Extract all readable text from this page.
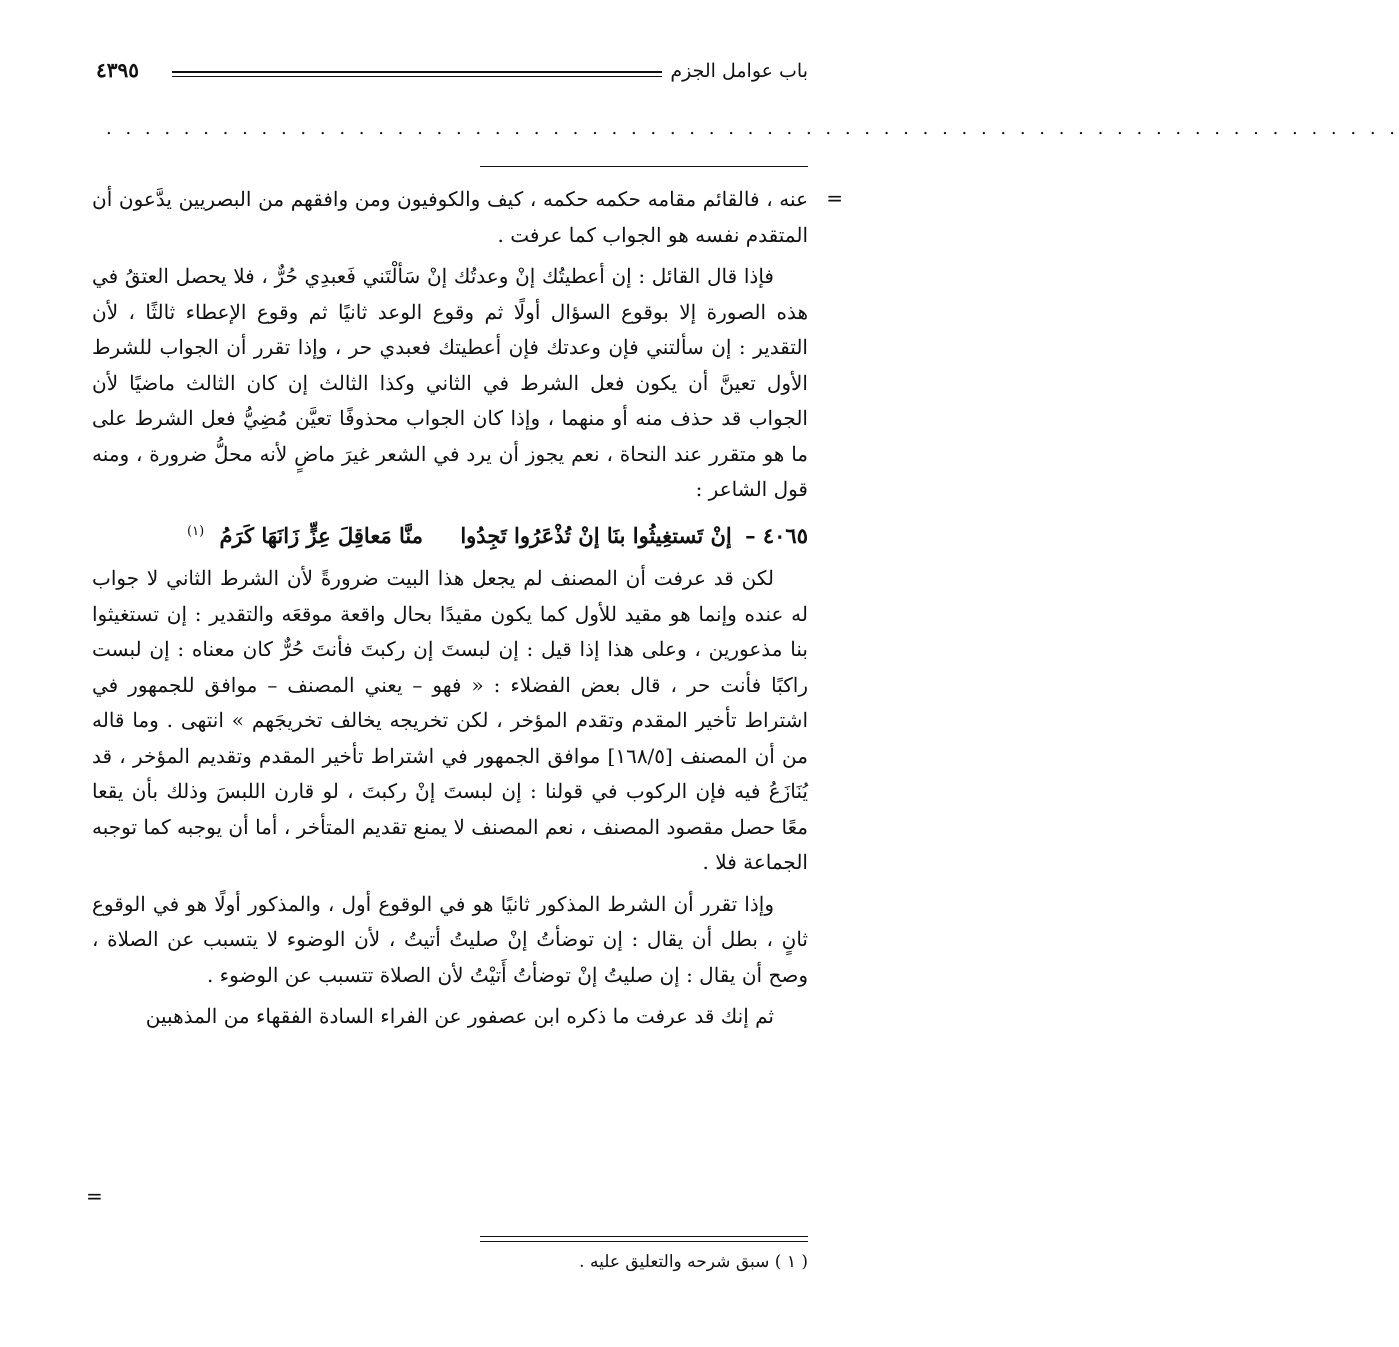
باب عوامل الجزم
٤٣٩٥
. . . . . . . . . . . . . . . . . . . . . . . . . . . . . . . . . . . . . . . . . . . . . . . . . . . . . . . . . . . . . . . . . . .
=

عنه ، فالقائم مقامه حكمه حكمه ، كيف والكوفيون ومن وافقهم من البصريين يدَّعون أن المتقدم نفسه هو الجواب كما عرفت .

فإذا قال القائل : إن أعطيتُك إنْ وعدتُك إنْ سَألْتَني فَعبدِي حُرٌّ ، فلا يحصل العتقُ في هذه الصورة إلا بوقوع السؤال أولًا ثم وقوع الوعد ثانيًا ثم وقوع الإعطاء ثالثًا ، لأن التقدير : إن سألتني فإن وعدتك فإن أعطيتك فعبدي حر ، وإذا تقرر أن الجواب للشرط الأول تعينَّ أن يكون فعل الشرط في الثاني وكذا الثالث إن كان الثالث ماضيًا لأن الجواب قد حذف منه أو منهما ، وإذا كان الجواب محذوفًا تعيَّن مُضِيُّ فعل الشرط على ما هو متقرر عند النحاة ، نعم يجوز أن يرد في الشعر غيرَ ماضٍ لأنه محلُّ ضرورة ، ومنه قول الشاعر :

٤٠٦٥ – إنْ تَستغِيثُوا بنَا إنْ تُذْعَرُوا تَجِدُوا منَّا مَعاقِلَ عِزٍّ زَانَهَا كَرَمُ $^{(١)}$

لكن قد عرفت أن المصنف لم يجعل هذا البيت ضرورةً لأن الشرط الثاني لا جواب له عنده وإنما هو مقيد للأول كما يكون مقيدًا بحال واقعة موقعَه والتقدير : إن تستغيثوا بنا مذعورين ، وعلى هذا إذا قيل : إن لبستَ إن ركبتَ فأنتَ حُرٌّ كان معناه : إن لبست راكبًا فأنت حر ، قال بعض الفضلاء : « فهو – يعني المصنف – موافق للجمهور في اشتراط تأخير المقدم وتقدم المؤخر ، لكن تخريجه يخالف تخريجَهم » انتهى . وما قاله من أن المصنف [١٦٨/٥] موافق الجمهور في اشتراط تأخير المقدم وتقديم المؤخر ، قد يُنَازَعُ فيه فإن الركوب في قولنا : إن لبستَ إنْ ركبتَ ، لو قارن اللبسَ وذلك بأن يقعا معًا حصل مقصود المصنف ، نعم المصنف لا يمنع تقديم المتأخر ، أما أن يوجبه كما توجبه الجماعة فلا .

وإذا تقرر أن الشرط المذكور ثانيًا هو في الوقوع أول ، والمذكور أولًا هو في الوقوع ثانٍ ، بطل أن يقال : إن توضأتُ إنْ صليتُ أتيتُ ، لأن الوضوء لا يتسبب عن الصلاة ، وصح أن يقال : إن صليتُ إنْ توضأتُ أَتيْتُ لأن الصلاة تتسبب عن الوضوء .

ثم إنك قد عرفت ما ذكره ابن عصفور عن الفراء السادة الفقهاء من المذهبين

=
( ١ ) سبق شرحه والتعليق عليه .
